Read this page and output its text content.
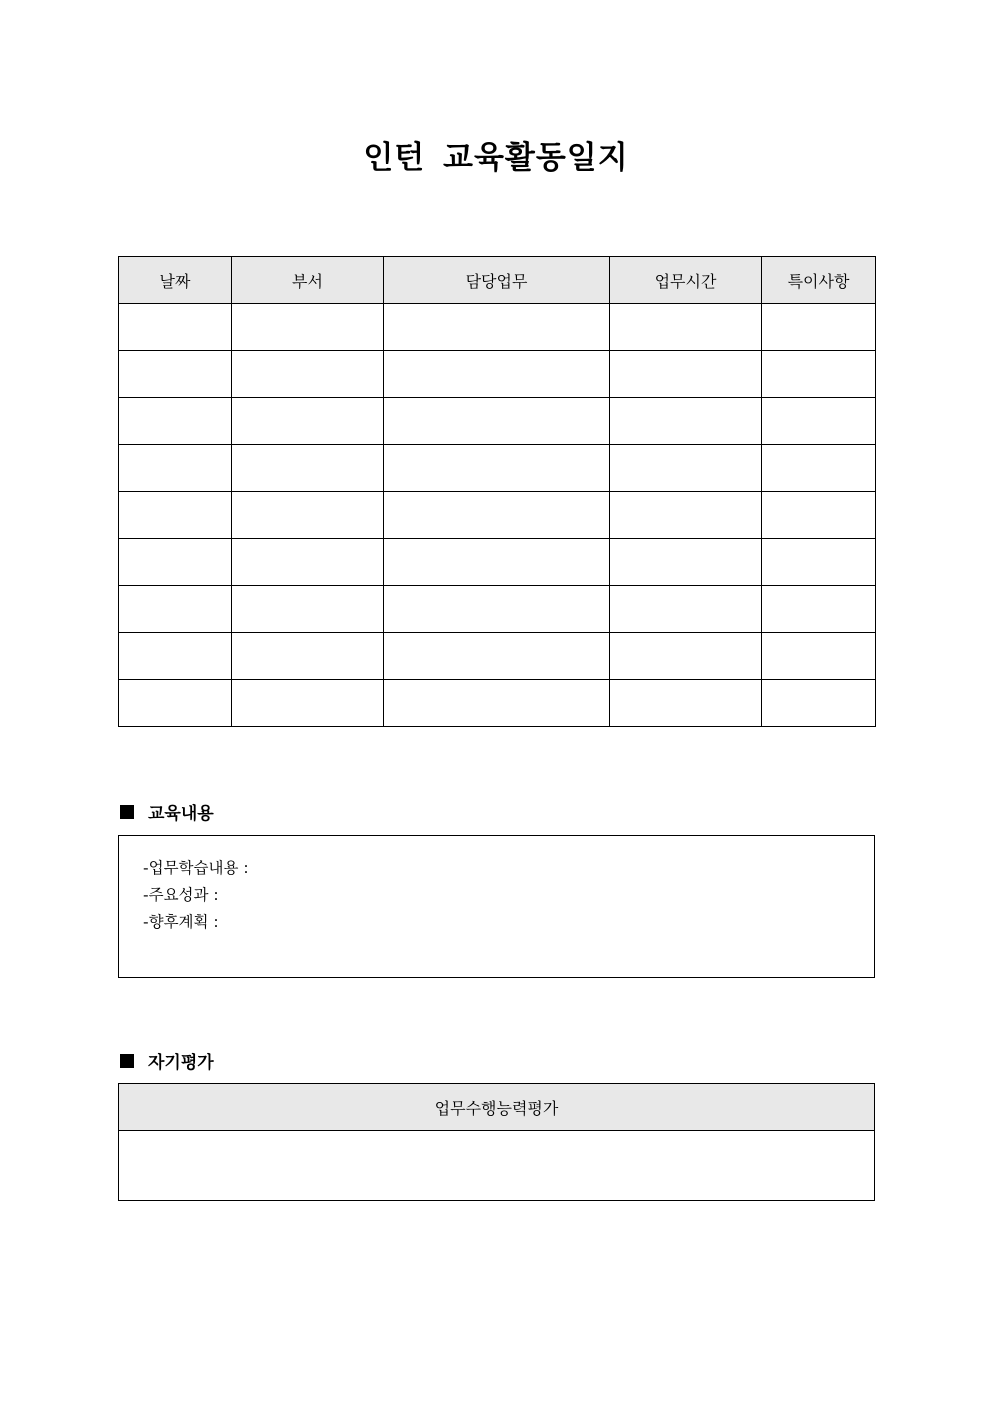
인턴 교육활동일지
날짜	부서	담당업무	업무시간	특이사항

교육내용
-업무학습내용 :
-주요성과 :
-향후계획 :
자기평가
업무수행능력평가
